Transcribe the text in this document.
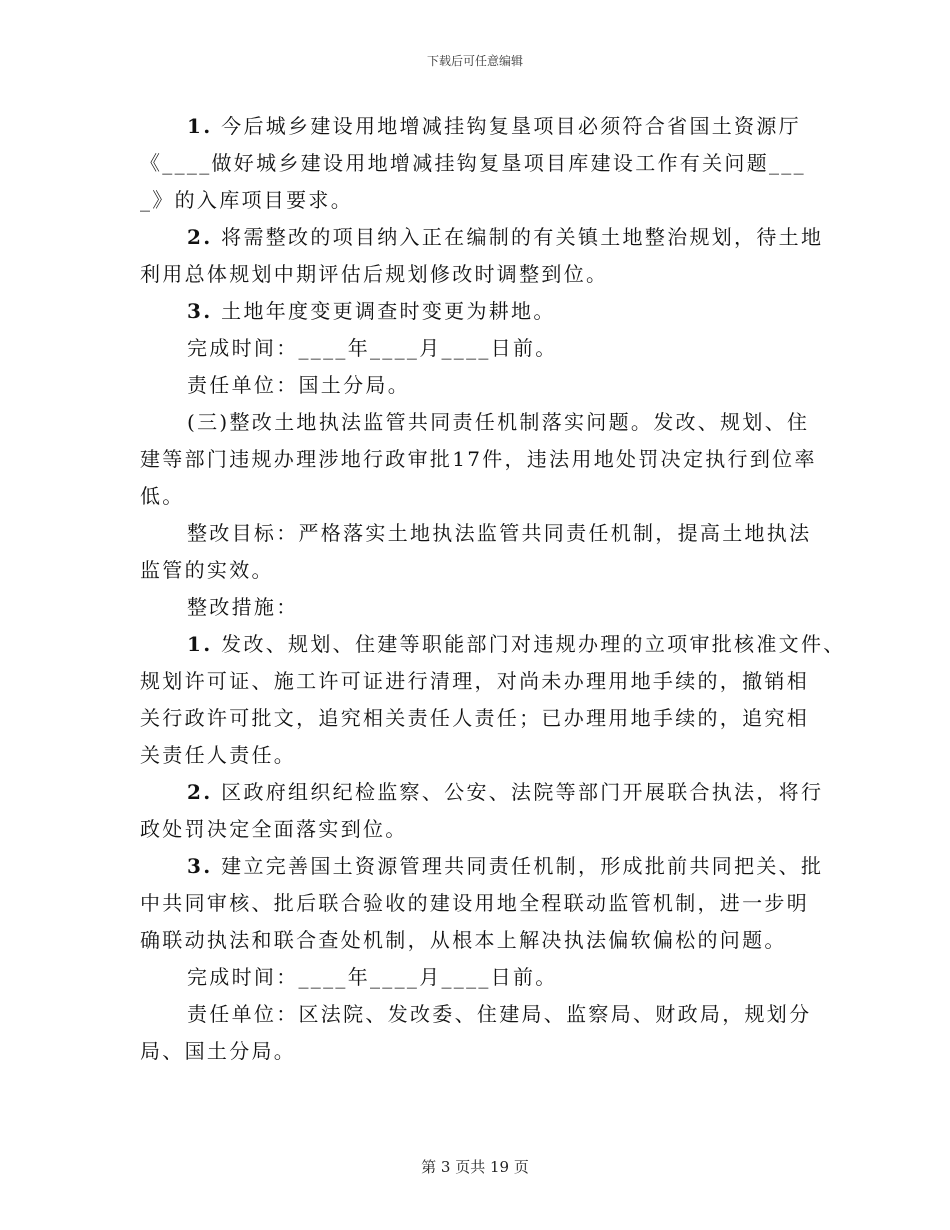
下载后可任意编辑
1. 今后城乡建设用地增减挂钩复垦项目必须符合省国土资源厅
《____做好城乡建设用地增减挂钩复垦项目库建设工作有关问题___
_》的入库项目要求。
2. 将需整改的项目纳入正在编制的有关镇土地整治规划，待土地
利用总体规划中期评估后规划修改时调整到位。
3. 土地年度变更调查时变更为耕地。
完成时间：____年____月____日前。
责任单位：国土分局。
(三)整改土地执法监管共同责任机制落实问题。发改、规划、住
建等部门违规办理涉地行政审批17件，违法用地处罚决定执行到位率
低。
整改目标：严格落实土地执法监管共同责任机制，提高土地执法
监管的实效。
整改措施：
1. 发改、规划、住建等职能部门对违规办理的立项审批核准文件、
规划许可证、施工许可证进行清理，对尚未办理用地手续的，撤销相
关行政许可批文，追究相关责任人责任；已办理用地手续的，追究相
关责任人责任。
2. 区政府组织纪检监察、公安、法院等部门开展联合执法，将行
政处罚决定全面落实到位。
3. 建立完善国土资源管理共同责任机制，形成批前共同把关、批
中共同审核、批后联合验收的建设用地全程联动监管机制，进一步明
确联动执法和联合查处机制，从根本上解决执法偏软偏松的问题。
完成时间：____年____月____日前。
责任单位：区法院、发改委、住建局、监察局、财政局，规划分
局、国土分局。
第 3 页共 19 页
